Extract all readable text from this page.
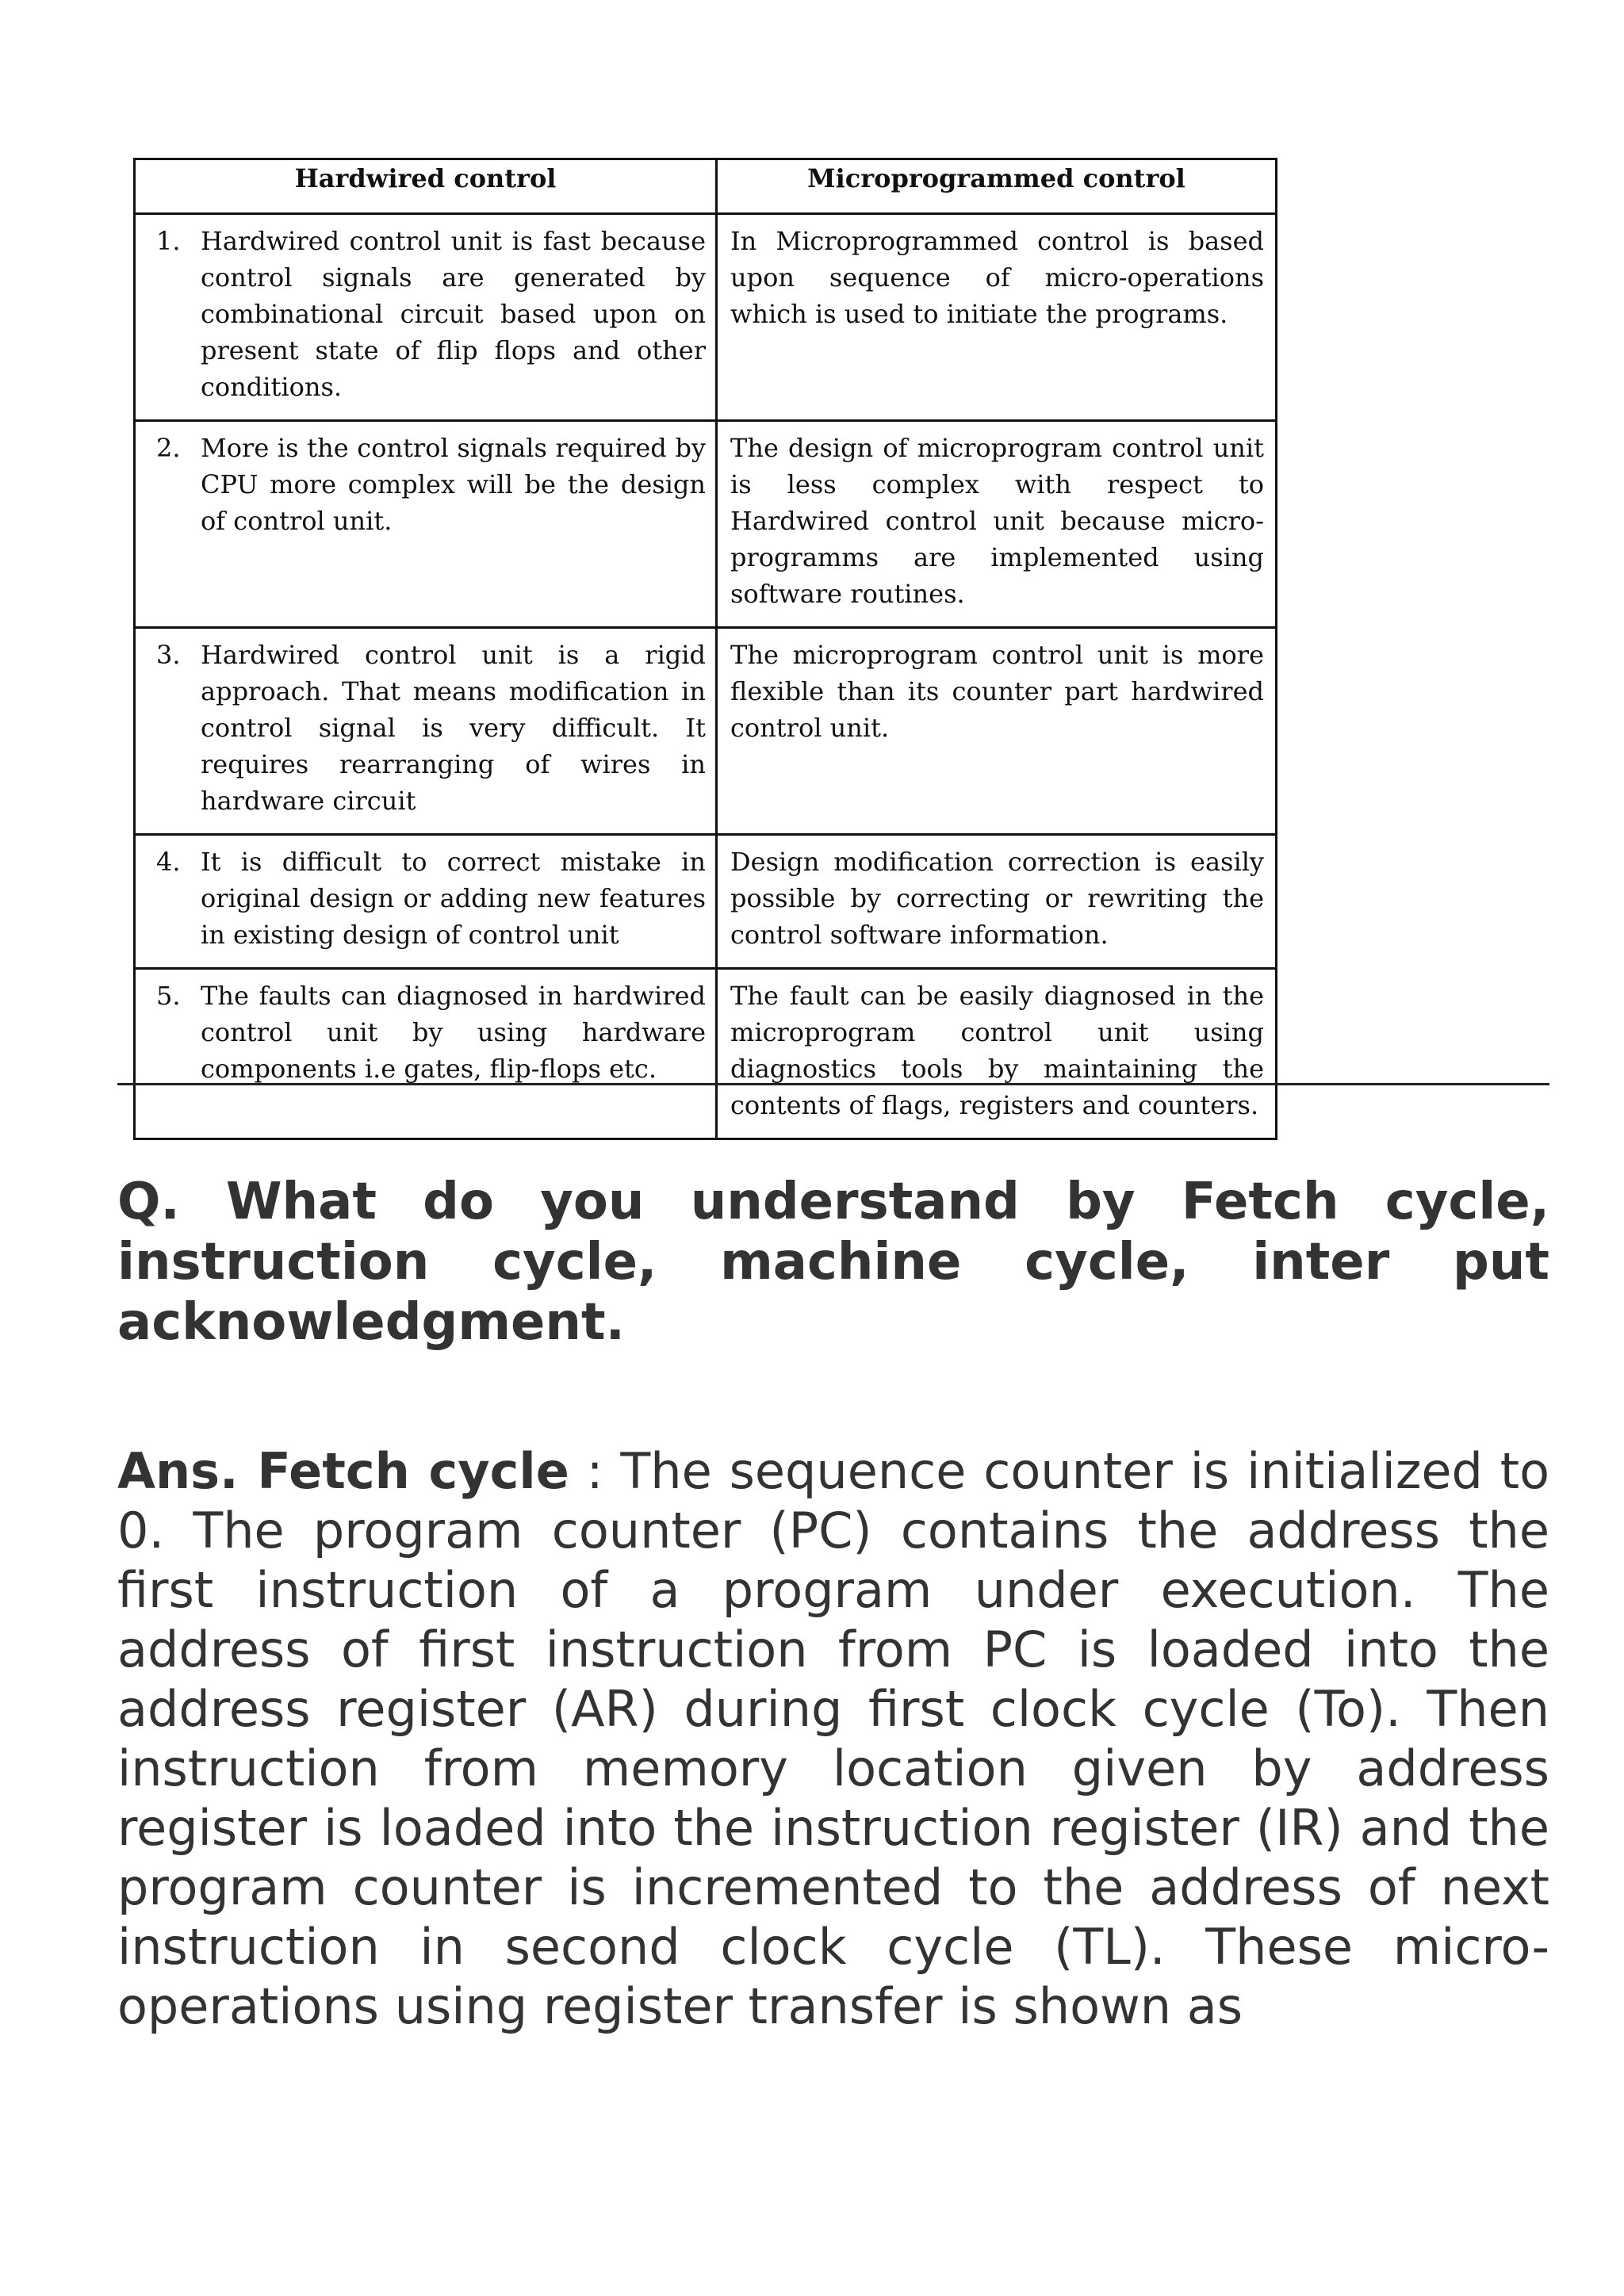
Hardwired control	Microprogrammed control

1. Hardwired control unit is fast because control signals are generated by combinational circuit based upon on present state of flip flops and other conditions.	In Microprogrammed control is based upon sequence of micro-operations which is used to initiate the programs.

2. More is the control signals required by CPU more complex will be the design of control unit.	The design of microprogram control unit is less complex with respect to Hardwired control unit because micro-programms are implemented using software routines.

3. Hardwired control unit is a rigid approach. That means modification in control signal is very difficult. It requires rearranging of wires in hardware circuit	The microprogram control unit is more flexible than its counter part hardwired control unit.

4. It is difficult to correct mistake in original design or adding new features in existing design of control unit	Design modification correction is easily possible by correcting or rewriting the control software information.

5. The faults can diagnosed in hardwired control unit by using hardware components i.e gates, flip-flops etc.	The fault can be easily diagnosed in the microprogram control unit using diagnostics tools by maintaining the contents of flags, registers and counters.

Q. What do you understand by Fetch cycle, instruction cycle, machine cycle, inter put acknowledgment.

Ans. Fetch cycle : The sequence counter is initialized to 0. The program counter (PC) contains the address the first instruction of a program under execution. The address of first instruction from PC is loaded into the address register (AR) during first clock cycle (To). Then instruction from memory location given by address register is loaded into the instruction register (IR) and the program counter is incremented to the address of next instruction in second clock cycle (TL). These micro-operations using register transfer is shown as
